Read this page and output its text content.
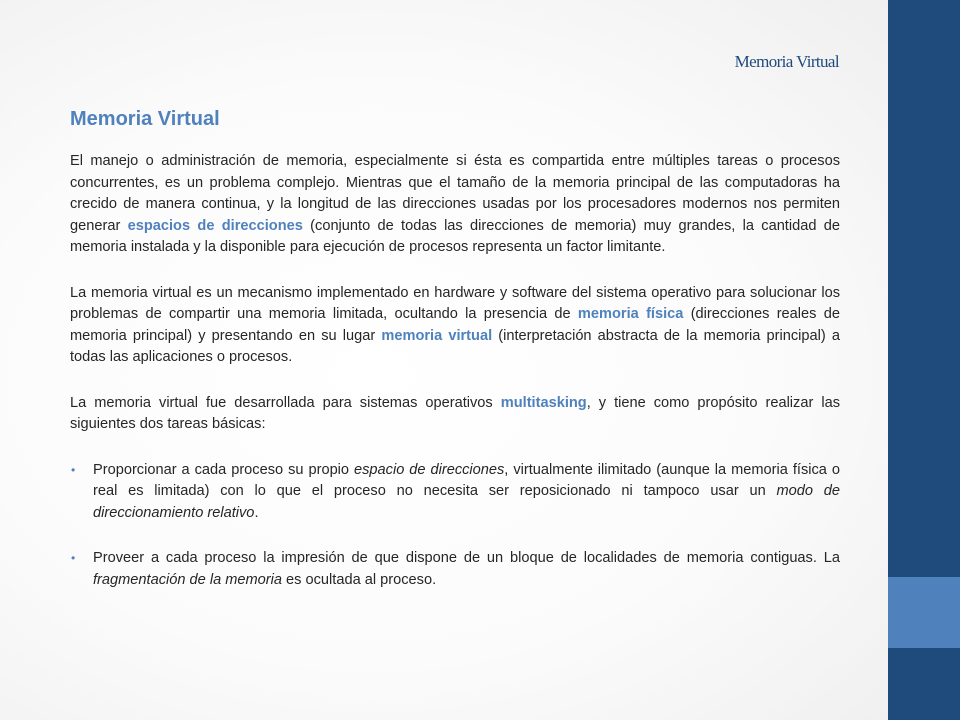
Memoria Virtual
Memoria Virtual

El manejo o administración de memoria, especialmente si ésta es compartida entre múltiples tareas o procesos concurrentes, es un problema complejo. Mientras que el tamaño de la memoria principal de las computadoras ha crecido de manera continua, y la longitud de las direcciones usadas por los procesadores modernos nos permiten generar espacios de direcciones (conjunto de todas las direcciones de memoria) muy grandes, la cantidad de memoria instalada y la disponible para ejecución de procesos representa un factor limitante.

La memoria virtual es un mecanismo implementado en hardware y software del sistema operativo para solucionar los problemas de compartir una memoria limitada, ocultando la presencia de memoria física (direcciones reales de memoria principal) y presentando en su lugar memoria virtual (interpretación abstracta de la memoria principal) a todas las aplicaciones o procesos.

La memoria virtual fue desarrollada para sistemas operativos multitasking, y tiene como propósito realizar las siguientes dos tareas básicas:

• Proporcionar a cada proceso su propio espacio de direcciones, virtualmente ilimitado (aunque la memoria física o real es limitada) con lo que el proceso no necesita ser reposicionado ni tampoco usar un modo de direccionamiento relativo.
• Proveer a cada proceso la impresión de que dispone de un bloque de localidades de memoria contiguas. La fragmentación de la memoria es ocultada al proceso.
